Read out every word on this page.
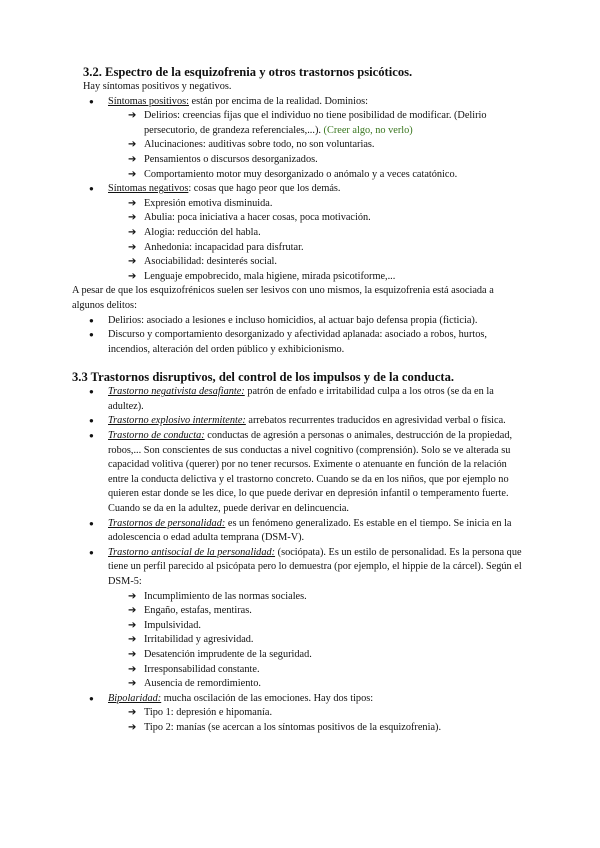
3.2. Espectro de la esquizofrenia y otros trastornos psicóticos.

Hay síntomas positivos y negativos.

● Síntomas positivos: están por encima de la realidad. Dominios:
➔ Delirios: creencias fijas que el individuo no tiene posibilidad de modificar. (Delirio persecutorio, de grandeza referenciales,...). (Creer algo, no verlo)
➔ Alucinaciones: auditivas sobre todo, no son voluntarias.
➔ Pensamientos o discursos desorganizados.
➔ Comportamiento motor muy desorganizado o anómalo y a veces catatónico.
● Síntomas negativos: cosas que hago peor que los demás.
➔ Expresión emotiva disminuida.
➔ Abulia: poca iniciativa a hacer cosas, poca motivación.
➔ Alogia: reducción del habla.
➔ Anhedonia: incapacidad para disfrutar.
➔ Asociabilidad: desinterés social.
➔ Lenguaje empobrecido, mala higiene, mirada psicotiforme,...

A pesar de que los esquizofrénicos suelen ser lesivos con uno mismos, la esquizofrenia está asociada a algunos delitos:

● Delirios: asociado a lesiones e incluso homicidios, al actuar bajo defensa propia (ficticia).
● Discurso y comportamiento desorganizado y afectividad aplanada: asociado a robos, hurtos, incendios, alteración del orden público y exhibicionismo.
3.3 Trastornos disruptivos, del control de los impulsos y de la conducta.
● Trastorno negativista desafiante: patrón de enfado e irritabilidad culpa a los otros (se da en la adultez).
● Trastorno explosivo intermitente: arrebatos recurrentes traducidos en agresividad verbal o física.
● Trastorno de conducta: conductas de agresión a personas o animales, destrucción de la propiedad, robos,... Son conscientes de sus conductas a nivel cognitivo (comprensión). Solo se ve alterada su capacidad volitiva (querer) por no tener recursos. Eximente o atenuante en función de la relación entre la conducta delictiva y el trastorno concreto. Cuando se da en los niños, que por ejemplo no quieren estar donde se les dice, lo que puede derivar en depresión infantil o temperamento fuerte. Cuando se da en la adultez, puede derivar en delincuencia.
● Trastornos de personalidad: es un fenómeno generalizado. Es estable en el tiempo. Se inicia en la adolescencia o edad adulta temprana (DSM-V).
● Trastorno antisocial de la personalidad: (sociópata). Es un estilo de personalidad. Es la persona que tiene un perfil parecido al psicópata pero lo demuestra (por ejemplo, el hippie de la cárcel). Según el DSM-5:
➔ Incumplimiento de las normas sociales.
➔ Engaño, estafas, mentiras.
➔ Impulsividad.
➔ Irritabilidad y agresividad.
➔ Desatención imprudente de la seguridad.
➔ Irresponsabilidad constante.
➔ Ausencia de remordimiento.
● Bipolaridad: mucha oscilación de las emociones. Hay dos tipos:
➔ Tipo 1: depresión e hipomanía.
➔ Tipo 2: manías (se acercan a los síntomas positivos de la esquizofrenia).
